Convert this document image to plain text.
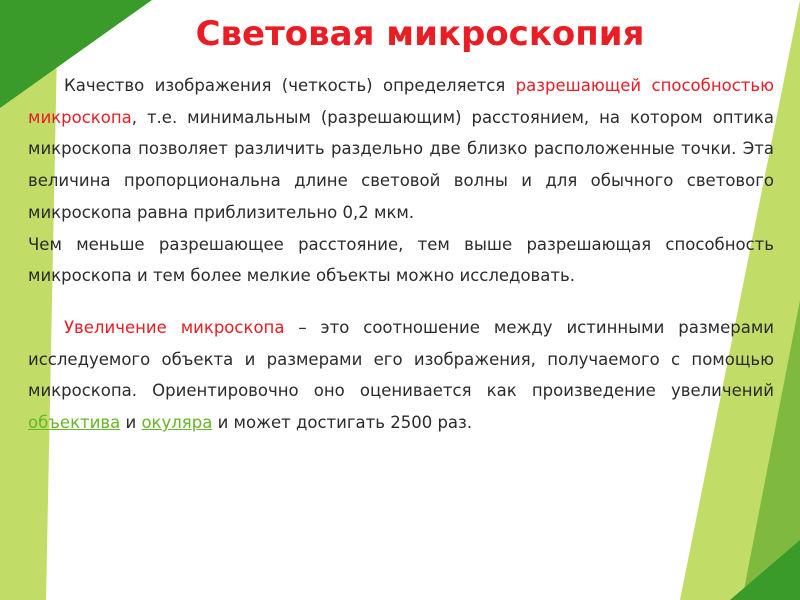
Световая микроскопия

Качество изображения (четкость) определяется разрешающей способностью микроскопа, т.е. минимальным (разрешающим) расстоянием, на котором оптика микроскопа позволяет различить раздельно две близко расположенные точки. Эта величина пропорциональна длине световой волны и для обычного светового микроскопа равна приблизительно 0,2 мкм.
Чем меньше разрешающее расстояние, тем выше разрешающая способность микроскопа и тем более мелкие объекты можно исследовать.

Увеличение микроскопа – это соотношение между истинными размерами исследуемого объекта и размерами его изображения, получаемого с помощью микроскопа. Ориентировочно оно оценивается как произведение увеличений объектива и окуляра и может достигать 2500 раз.
